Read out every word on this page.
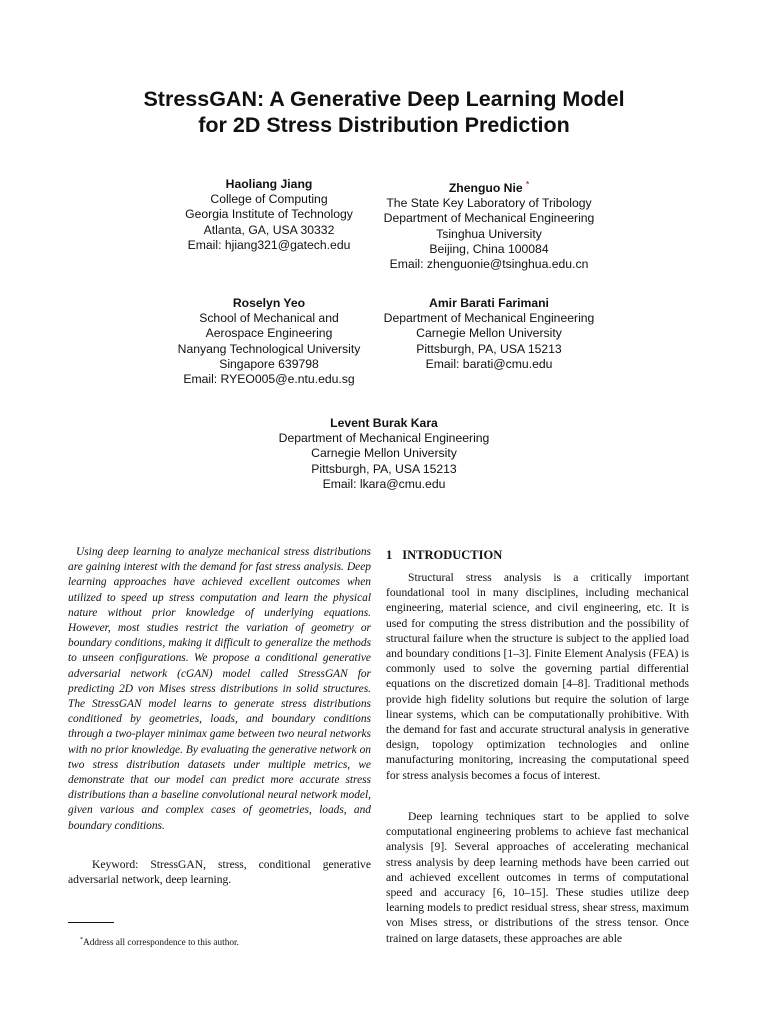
StressGAN: A Generative Deep Learning Model
for 2D Stress Distribution Prediction
Haoliang Jiang
College of Computing
Georgia Institute of Technology
Atlanta, GA, USA 30332
Email: hjiang321@gatech.edu
Zhenguo Nie *
The State Key Laboratory of Tribology
Department of Mechanical Engineering
Tsinghua University
Beijing, China 100084
Email: zhenguonie@tsinghua.edu.cn
Roselyn Yeo
School of Mechanical and
Aerospace Engineering
Nanyang Technological University
Singapore 639798
Email: RYEO005@e.ntu.edu.sg
Amir Barati Farimani
Department of Mechanical Engineering
Carnegie Mellon University
Pittsburgh, PA, USA 15213
Email: barati@cmu.edu
Levent Burak Kara
Department of Mechanical Engineering
Carnegie Mellon University
Pittsburgh, PA, USA 15213
Email: lkara@cmu.edu

Using deep learning to analyze mechanical stress distributions are gaining interest with the demand for fast stress analysis. Deep learning approaches have achieved excellent outcomes when utilized to speed up stress computation and learn the physical nature without prior knowledge of underlying equations. However, most studies restrict the variation of geometry or boundary conditions, making it difficult to generalize the methods to unseen configurations. We propose a conditional generative adversarial network (cGAN) model called StressGAN for predicting 2D von Mises stress distributions in solid structures. The StressGAN model learns to generate stress distributions conditioned by geometries, loads, and boundary conditions through a two-player minimax game between two neural networks with no prior knowledge. By evaluating the generative network on two stress distribution datasets under multiple metrics, we demonstrate that our model can predict more accurate stress distributions than a baseline convolutional neural network model, given various and complex cases of geometries, loads, and boundary conditions.

Keyword: StressGAN, stress, conditional generative adversarial network, deep learning.

*Address all correspondence to this author.

1 INTRODUCTION

Structural stress analysis is a critically important foundational tool in many disciplines, including mechanical engineering, material science, and civil engineering, etc. It is used for computing the stress distribution and the possibility of structural failure when the structure is subject to the applied load and boundary conditions [1–3]. Finite Element Analysis (FEA) is commonly used to solve the governing partial differential equations on the discretized domain [4–8]. Traditional methods provide high fidelity solutions but require the solution of large linear systems, which can be computationally prohibitive. With the demand for fast and accurate structural analysis in generative design, topology optimization technologies and online manufacturing monitoring, increasing the computational speed for stress analysis becomes a focus of interest.

Deep learning techniques start to be applied to solve computational engineering problems to achieve fast mechanical analysis [9]. Several approaches of accelerating mechanical stress analysis by deep learning methods have been carried out and achieved excellent outcomes in terms of computational speed and accuracy [6, 10–15]. These studies utilize deep learning models to predict residual stress, shear stress, maximum von Mises stress, or distributions of the stress tensor. Once trained on large datasets, these approaches are able
